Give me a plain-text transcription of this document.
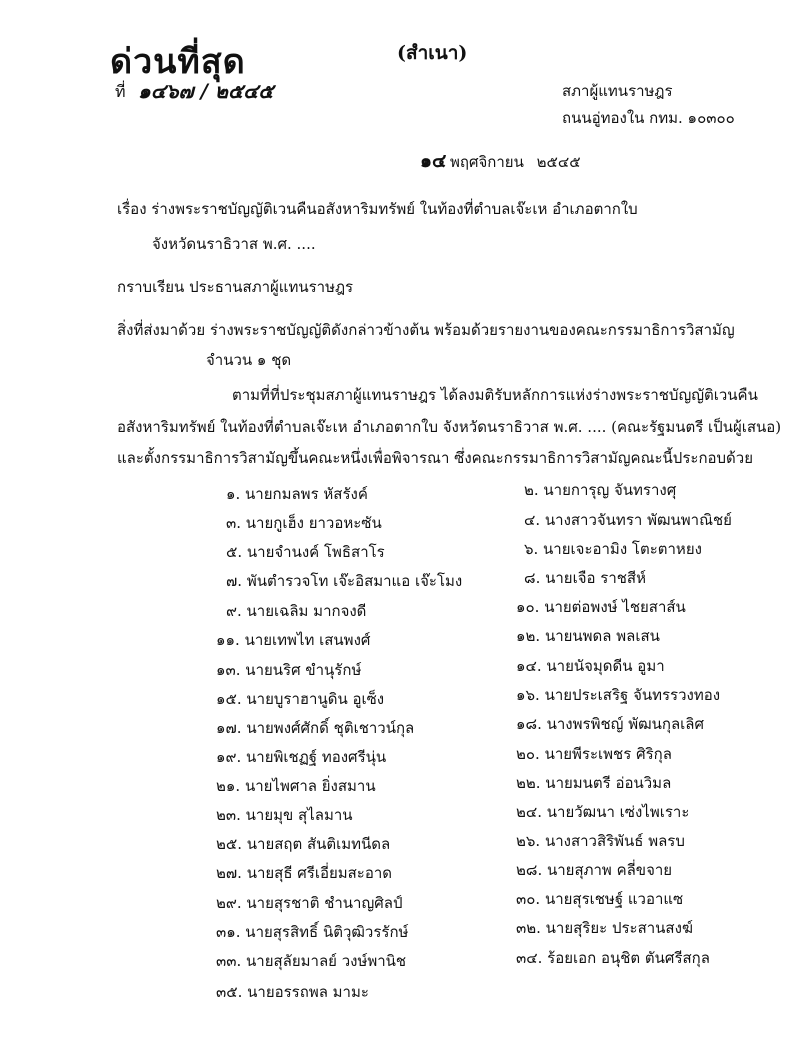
ด่วนที่สุด	(สำเนา)
ที่ ๑๔๖๗ / ๒๕๔๕	สภาผู้แทนราษฎร
ถนนอู่ทองใน กทม. ๑๐๓๐๐
๑๔ พฤศจิกายน ๒๕๔๕
เรื่อง ร่างพระราชบัญญัติเวนคืนอสังหาริมทรัพย์ ในท้องที่ตำบลเจ๊ะเห อำเภอตากใบ
จังหวัดนราธิวาส พ.ศ. ....
กราบเรียน ประธานสภาผู้แทนราษฎร
สิ่งที่ส่งมาด้วย ร่างพระราชบัญญัติดังกล่าวข้างต้น พร้อมด้วยรายงานของคณะกรรมาธิการวิสามัญ
จำนวน ๑ ชุด
ตามที่ที่ประชุมสภาผู้แทนราษฎร ได้ลงมติรับหลักการแห่งร่างพระราชบัญญัติเวนคืน
อสังหาริมทรัพย์ ในท้องที่ตำบลเจ๊ะเห อำเภอตากใบ จังหวัดนราธิวาส พ.ศ. .... (คณะรัฐมนตรี เป็นผู้เสนอ)
และตั้งกรรมาธิการวิสามัญขึ้นคณะหนึ่งเพื่อพิจารณา ซึ่งคณะกรรมาธิการวิสามัญคณะนี้ประกอบด้วย
๑. นายกมลพร หัสรังค์	๒. นายการุญ จันทรางศุ
๓. นายกูเฮ็ง ยาวอหะซัน	๔. นางสาวจันทรา พัฒนพาณิชย์
๕. นายจำนงค์ โพธิสาโร	๖. นายเจะอามิง โตะตาหยง
๗. พันตำรวจโท เจ๊ะอิสมาแอ เจ๊ะโมง	๘. นายเจือ ราชสีห์
๙. นายเฉลิม มากจงดี	๑๐. นายต่อพงษ์ ไชยสาส์น
๑๑. นายเทพไท เสนพงศ์	๑๒. นายนพดล พลเสน
๑๓. นายนริศ ขำนุรักษ์	๑๔. นายนัจมุดดีน อูมา
๑๕. นายบูราฮานูดิน อูเซ็ง	๑๖. นายประเสริฐ จันทรรวงทอง
๑๗. นายพงศ์ศักดิ์ ชุติเชาวน์กุล	๑๘. นางพรพิชญ์ พัฒนกุลเลิศ
๑๙. นายพิเชฏฐ์ ทองศรีนุ่น	๒๐. นายพีระเพชร ศิริกุล
๒๑. นายไพศาล ยิ่งสมาน	๒๒. นายมนตรี อ่อนวิมล
๒๓. นายมุข สุไลมาน	๒๔. นายวัฒนา เซ่งไพเราะ
๒๕. นายสฤต สันติเมทนีดล	๒๖. นางสาวสิริพันธ์ พลรบ
๒๗. นายสุธี ศรีเอี่ยมสะอาด	๒๘. นายสุภาพ คลี่ขจาย
๒๙. นายสุรชาติ ชำนาญศิลป์	๓๐. นายสุรเชษฐ์ แวอาแซ
๓๑. นายสุรสิทธิ์ นิติวุฒิวรรักษ์	๓๒. นายสุริยะ ประสานสงฆ์
๓๓. นายสุลัยมาลย์ วงษ์พานิช	๓๔. ร้อยเอก อนุชิต ตันศรีสกุล
๓๕. นายอรรถพล มามะ
